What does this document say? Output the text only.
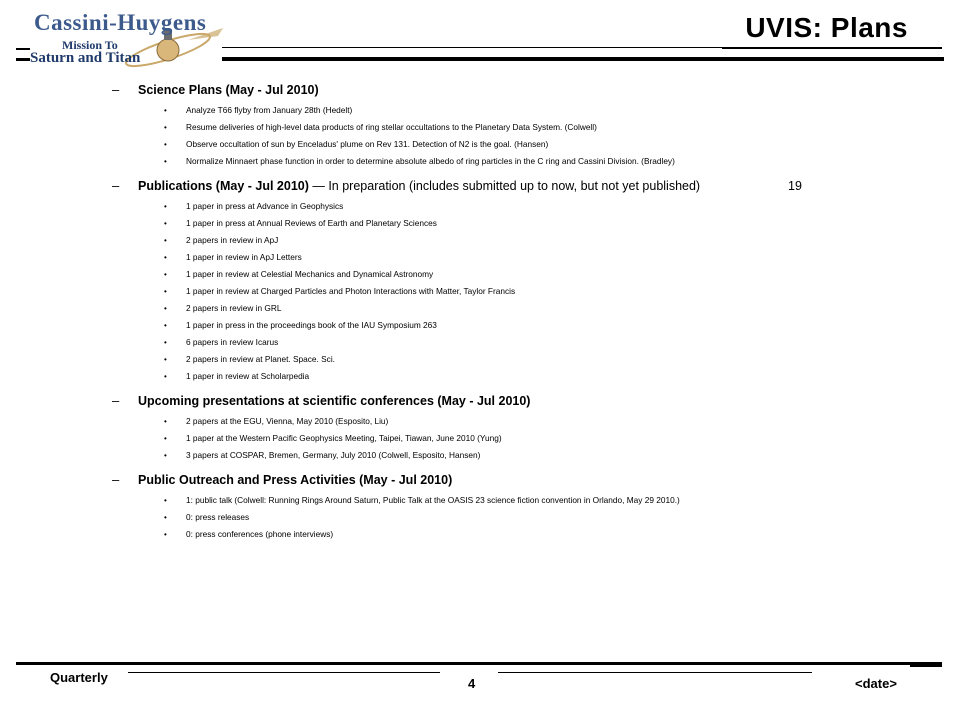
Cassini-Huygens
Mission To
Saturn and Titan
UVIS: Plans
– Science Plans (May - Jul 2010)
• Analyze T66 flyby from January 28th (Hedelt)
• Resume deliveries of high-level data products of ring stellar occultations to the Planetary Data System. (Colwell)
• Observe occultation of sun by Enceladus' plume on Rev 131. Detection of N2 is the goal. (Hansen)
• Normalize Minnaert phase function in order to determine absolute albedo of ring particles in the C ring and Cassini Division. (Bradley)
– Publications (May - Jul 2010) — In preparation (includes submitted up to now, but not yet published)	19
• 1 paper in press at Advance in Geophysics
• 1 paper in press at Annual Reviews of Earth and Planetary Sciences
• 2 papers in review in ApJ
• 1 paper in review in ApJ Letters
• 1 paper in review at Celestial Mechanics and Dynamical Astronomy
• 1 paper in review at Charged Particles and Photon Interactions with Matter, Taylor Francis
• 2 papers in review in GRL
• 1 paper in press in the proceedings book of the IAU Symposium 263
• 6 papers in review Icarus
• 2 papers in review at Planet. Space. Sci.
• 1 paper in review at Scholarpedia
– Upcoming presentations at scientific conferences (May - Jul 2010)
• 2 papers at the EGU, Vienna, May 2010 (Esposito, Liu)
• 1 paper at the Western Pacific Geophysics Meeting, Taipei, Tiawan, June 2010 (Yung)
• 3 papers at COSPAR, Bremen, Germany, July 2010 (Colwell, Esposito, Hansen)
– Public Outreach and Press Activities (May - Jul 2010)
• 1: public talk (Colwell: Running Rings Around Saturn, Public Talk at the OASIS 23 science fiction convention in Orlando, May 29 2010.)
• 0: press releases
• 0: press conferences (phone interviews)
Quarterly	4	<date>
